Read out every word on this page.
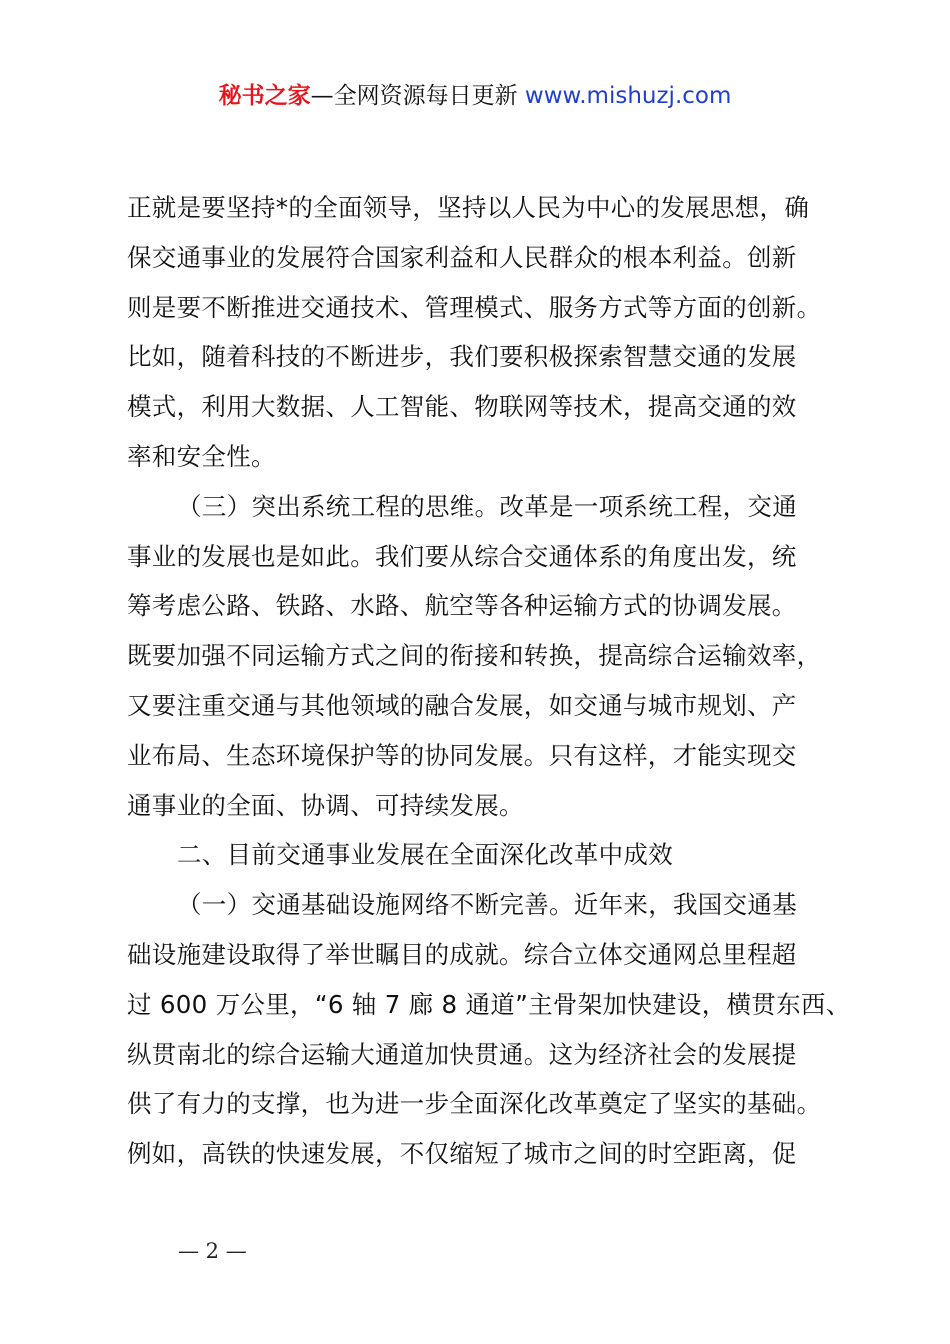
秘书之家—全网资源每日更新 www.mishuzj.com
正就是要坚持*的全面领导，坚持以人民为中心的发展思想，确
保交通事业的发展符合国家利益和人民群众的根本利益。创新
则是要不断推进交通技术、管理模式、服务方式等方面的创新。
比如，随着科技的不断进步，我们要积极探索智慧交通的发展
模式，利用大数据、人工智能、物联网等技术，提高交通的效
率和安全性。
（三）突出系统工程的思维。改革是一项系统工程，交通
事业的发展也是如此。我们要从综合交通体系的角度出发，统
筹考虑公路、铁路、水路、航空等各种运输方式的协调发展。
既要加强不同运输方式之间的衔接和转换，提高综合运输效率，
又要注重交通与其他领域的融合发展，如交通与城市规划、产
业布局、生态环境保护等的协同发展。只有这样，才能实现交
通事业的全面、协调、可持续发展。
二、目前交通事业发展在全面深化改革中成效
（一）交通基础设施网络不断完善。近年来，我国交通基
础设施建设取得了举世瞩目的成就。综合立体交通网总里程超
过 600 万公里，“6 轴 7 廊 8 通道”主骨架加快建设，横贯东西、
纵贯南北的综合运输大通道加快贯通。这为经济社会的发展提
供了有力的支撑，也为进一步全面深化改革奠定了坚实的基础。
例如，高铁的快速发展，不仅缩短了城市之间的时空距离，促
— 2 —
